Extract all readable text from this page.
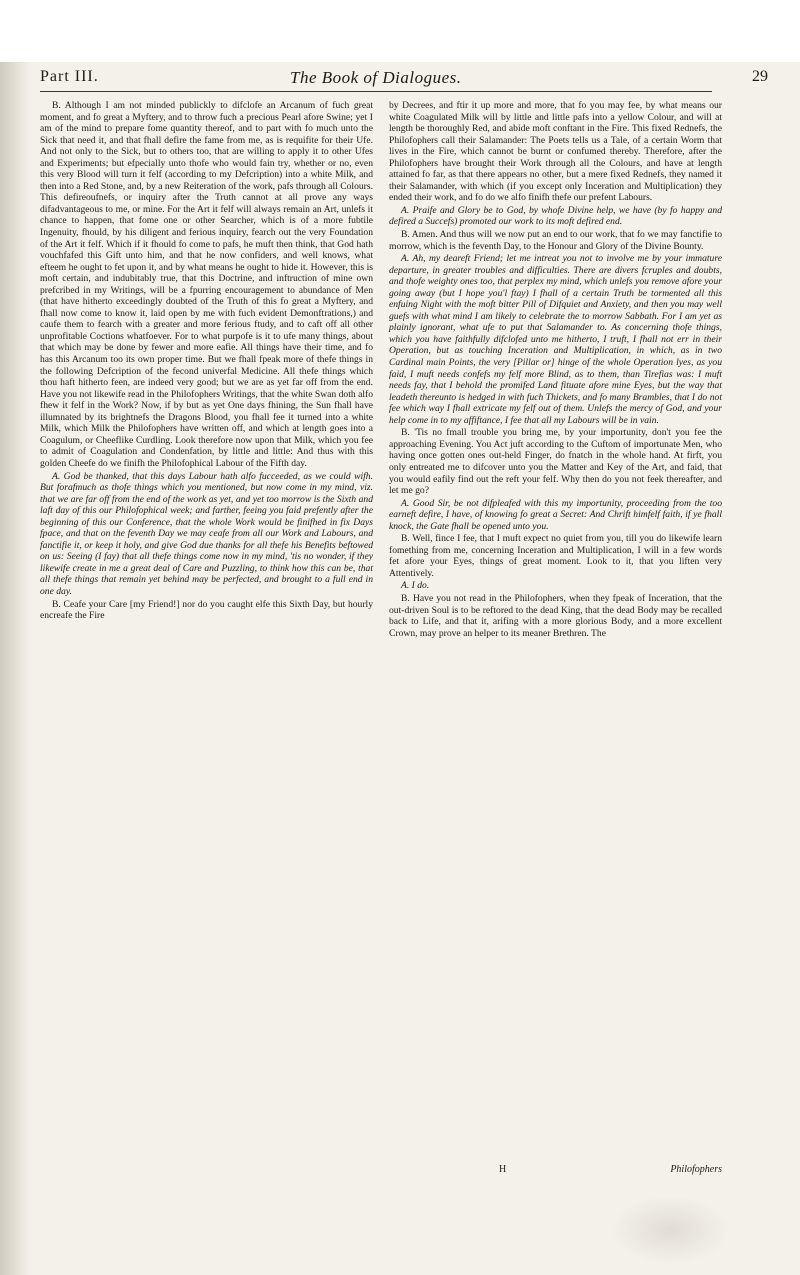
Part III.	The Book of Dialogues.	29

B. Although I am not minded publickly to difclofe an Arcanum of fuch great moment, and fo great a Myftery, and to throw fuch a precious Pearl afore Swine; yet I am of the mind to prepare fome quantity thereof, and to part with fo much unto the Sick that need it, and that fhall defire the fame from me, as is requifite for their Ufe. And not only to the Sick, but to others too, that are willing to apply it to other Ufes and Experiments; but efpecially unto thofe who would fain try, whether or no, even this very Blood will turn it felf (according to my Defcription) into a white Milk, and then into a Red Stone, and, by a new Reiteration of the work, pafs through all Colours. This defireoufnefs, or inquiry after the Truth cannot at all prove any ways difadvantageous to me, or mine. For the Art it felf will always remain an Art, unlefs it chance to happen, that fome one or other Searcher, which is of a more fubtile Ingenuity, fhould, by his diligent and ferious inquiry, fearch out the very Foundation of the Art it felf. Which if it fhould fo come to pafs, he muft then think, that God hath vouchfafed this Gift unto him, and that he now confiders, and well knows, what efteem he ought to fet upon it, and by what means he ought to hide it. However, this is moft certain, and indubitably true, that this Doctrine, and inftruction of mine own prefcribed in my Writings, will be a fpurring encouragement to abundance of Men (that have hitherto exceedingly doubted of the Truth of this fo great a Myftery, and fhall now come to know it, laid open by me with fuch evident Demonftrations,) and caufe them to fearch with a greater and more ferious ftudy, and to caft off all other unprofitable Coctions whatfoever. For to what purpofe is it to ufe many things, about that which may be done by fewer and more eafie. All things have their time, and fo has this Arcanum too its own proper time. But we fhall fpeak more of thefe things in the following Defcription of the fecond univerfal Medicine. All thefe things which thou haft hitherto feen, are indeed very good; but we are as yet far off from the end. Have you not likewife read in the Philofophers Writings, that the white Swan doth alfo fhew it felf in the Work? Now, if by but as yet One days fhining, the Sun fhall have illumnated by its brightnefs the Dragons Blood, you fhall fee it turned into a white Milk, which Milk the Philofophers have written off, and which at length goes into a Coagulum, or Cheeflike Curdling. Look therefore now upon that Milk, which you fee to admit of Coagulation and Condenfation, by little and little: And thus with this golden Cheefe do we finifh the Philofophical Labour of the Fifth day.

A. God be thanked, that this days Labour hath alfo fucceeded, as we could wifh. But forafmuch as thofe things which you mentioned, but now come in my mind, viz. that we are far off from the end of the work as yet, and yet too morrow is the Sixth and laft day of this our Philofophical week; and farther, feeing you faid prefently after the beginning of this our Conference, that the whole Work would be finifhed in fix Days fpace, and that on the feventh Day we may ceafe from all our Work and Labours, and fanctifie it, or keep it holy, and give God due thanks for all thefe his Benefits beftowed on us: Seeing (I fay) that all thefe things come now in my mind, 'tis no wonder, if they likewife create in me a great deal of Care and Puzzling, to think how this can be, that all thefe things that remain yet behind may be perfected, and brought to a full end in one day.

B. Ceafe your Care [my Friend!] nor do you caught elfe this Sixth Day, but hourly encreafe the Fire

by Decrees, and ftir it up more and more, that fo you may fee, by what means our white Coagulated Milk will by little and little pafs into a yellow Colour, and will at length be thoroughly Red, and abide moft conftant in the Fire. This fixed Rednefs, the Philofophers call their Salamander: The Poets tells us a Tale, of a certain Worm that lives in the Fire, which cannot be burnt or confumed thereby. Therefore, after the Philofophers have brought their Work through all the Colours, and have at length attained fo far, as that there appears no other, but a mere fixed Rednefs, they named it their Salamander, with which (if you except only Inceration and Multiplication) they ended their work, and fo do we alfo finifh thefe our prefent Labours.

A. Praife and Glory be to God, by whofe Divine help, we have (by fo happy and defired a Succefs) promoted our work to its moft defired end.

B. Amen. And thus will we now put an end to our work, that fo we may fanctifie to morrow, which is the feventh Day, to the Honour and Glory of the Divine Bounty.

A. Ah, my deareft Friend; let me intreat you not to involve me by your immature departure, in greater troubles and difficulties. There are divers fcruples and doubts, and thofe weighty ones too, that perplex my mind, which unlefs you remove afore your going away (but I hope you'l ftay) I fhall of a certain Truth be tormented all this enfuing Night with the moft bitter Pill of Difquiet and Anxiety, and then you may well guefs with what mind I am likely to celebrate the to morrow Sabbath. For I am yet as plainly ignorant, what ufe to put that Salamander to. As concerning thofe things, which you have faithfully difclofed unto me hitherto, I truft, I fhall not err in their Operation, but as touching Inceration and Multiplication, in which, as in two Cardinal main Points, the very [Pillar or] hinge of the whole Operation lyes, as you faid, I muft needs confefs my felf more Blind, as to them, than Tirefias was: I muft needs fay, that I behold the promifed Land fituate afore mine Eyes, but the way that leadeth thereunto is hedged in with fuch Thickets, and fo many Brambles, that I do not fee which way I fhall extricate my felf out of them. Unlefs the mercy of God, and your help come in to my affiftance, I fee that all my Labours will be in vain.

B. 'Tis no fmall trouble you bring me, by your importunity, don't you fee the approaching Evening. You Act juft according to the Cuftom of importunate Men, who having once gotten ones out-held Finger, do fnatch in the whole hand. At firft, you only entreated me to difcover unto you the Matter and Key of the Art, and faid, that you would eafily find out the reft your felf. Why then do you not feek thereafter, and let me go?

A. Good Sir, be not difpleafed with this my importunity, proceeding from the too earneft defire, I have, of knowing fo great a Secret: And Chrift himfelf faith, if ye fhall knock, the Gate fhall be opened unto you.

B. Well, fince I fee, that I muft expect no quiet from you, till you do likewife learn fomething from me, concerning Inceration and Multiplication, I will in a few words fet afore your Eyes, things of great moment. Look to it, that you liften very Attentively.

A. I do.

B. Have you not read in the Philofophers, when they fpeak of Inceration, that the out-driven Soul is to be reftored to the dead King, that the dead Body may be recalled back to Life, and that it, arifing with a more glorious Body, and a more excellent Crown, may prove an helper to its meaner Brethren. The

H	Philofophers
